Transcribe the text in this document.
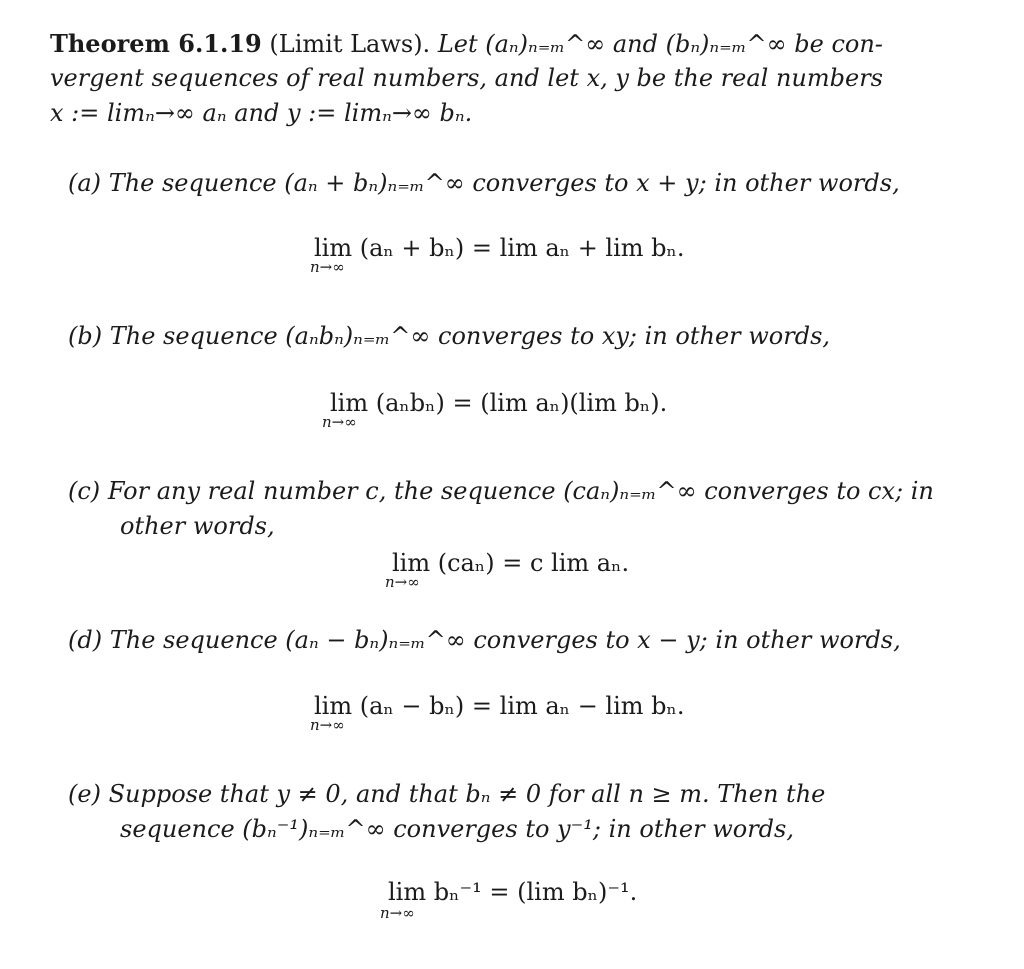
Theorem 6.1.19 (Limit Laws). Let (aₙ)ₙ₌ₘ^∞ and (bₙ)ₙ₌ₘ^∞ be con-
vergent sequences of real numbers, and let x, y be the real numbers
x := limₙ→∞ aₙ and y := limₙ→∞ bₙ.
(a) The sequence (aₙ + bₙ)ₙ₌ₘ^∞ converges to x + y; in other words,
lim (aₙ + bₙ) = lim aₙ + lim bₙ.
n→∞
(b) The sequence (aₙbₙ)ₙ₌ₘ^∞ converges to xy; in other words,
lim (aₙbₙ) = (lim aₙ)(lim bₙ).
n→∞
(c) For any real number c, the sequence (caₙ)ₙ₌ₘ^∞ converges to cx; in
other words,
lim (caₙ) = c lim aₙ.
n→∞
(d) The sequence (aₙ − bₙ)ₙ₌ₘ^∞ converges to x − y; in other words,
lim (aₙ − bₙ) = lim aₙ − lim bₙ.
n→∞
(e) Suppose that y ≠ 0, and that bₙ ≠ 0 for all n ≥ m. Then the
sequence (bₙ⁻¹)ₙ₌ₘ^∞ converges to y⁻¹; in other words,
lim bₙ⁻¹ = (lim bₙ)⁻¹.
n→∞
